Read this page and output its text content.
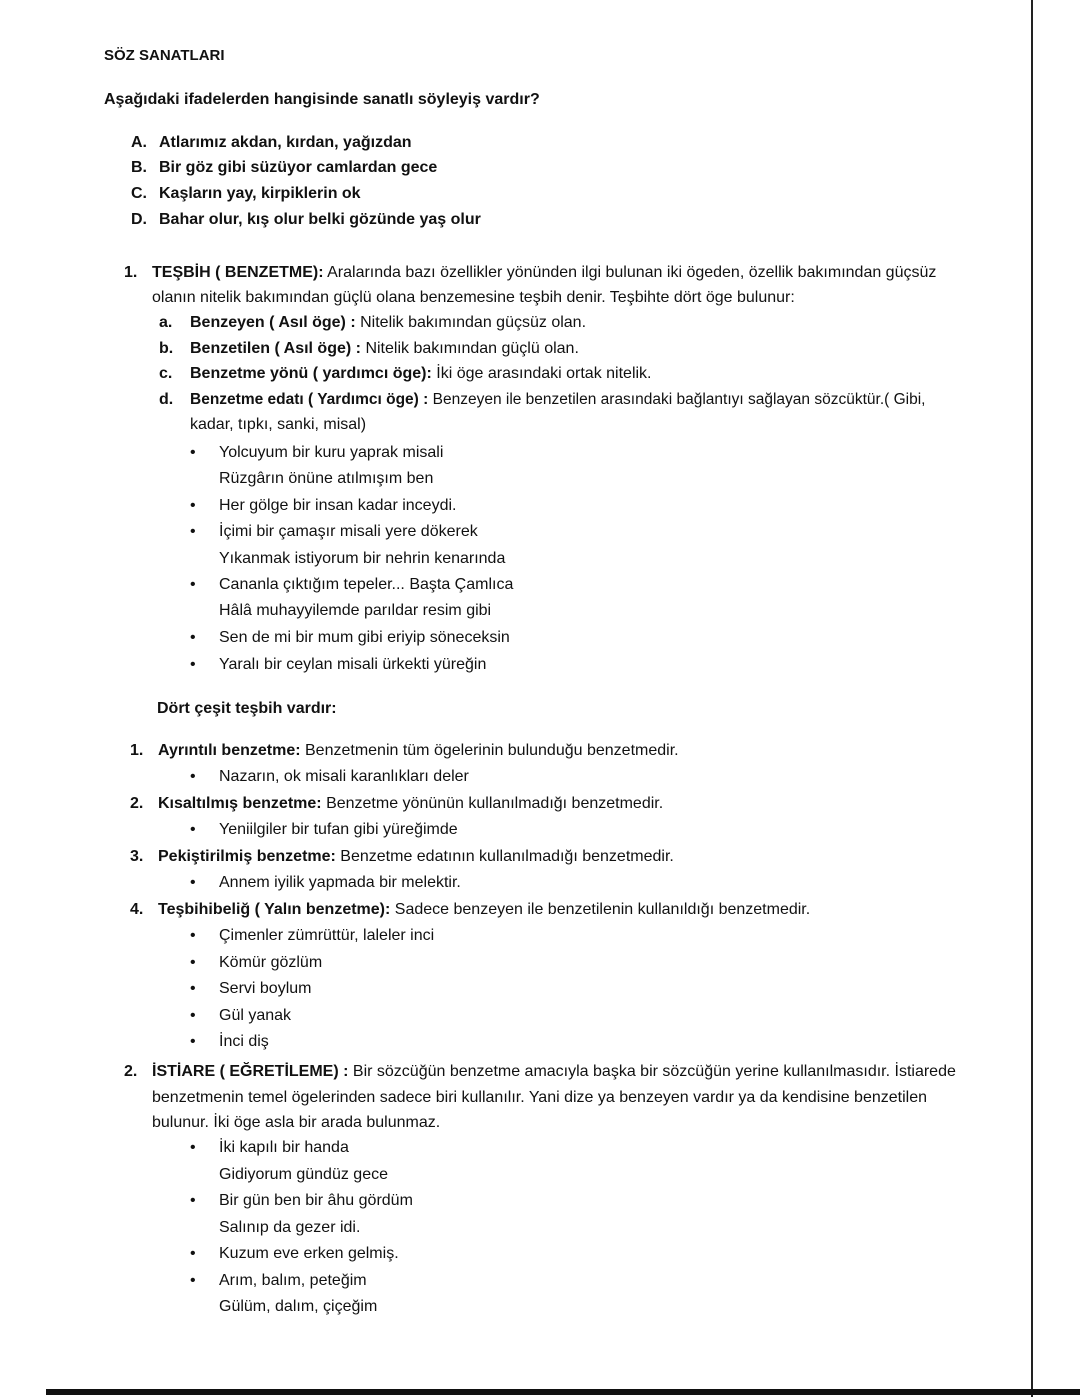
SÖZ SANATLARI
Aşağıdaki ifadelerden hangisinde sanatlı söyleyiş vardır?
A. Atlarımız akdan, kırdan, yağızdan
B. Bir göz gibi süzüyor camlardan gece
C. Kaşların yay, kirpiklerin ok
D. Bahar olur, kış olur belki gözünde yaş olur
1. TEŞBİH ( BENZETME): Aralarında bazı özellikler yönünden ilgi bulunan iki ögeden, özellik bakımından güçsüz
olanın nitelik bakımından güçlü olana benzemesine teşbih denir. Teşbihte dört öge bulunur:
a. Benzeyen ( Asıl öge) : Nitelik bakımından güçsüz olan.
b. Benzetilen ( Asıl öge) : Nitelik bakımından güçlü olan.
c. Benzetme yönü ( yardımcı öge): İki öge arasındaki ortak nitelik.
d. Benzetme edatı ( Yardımcı öge) : Benzeyen ile benzetilen arasındaki bağlantıyı sağlayan sözcüktür.( Gibi,
kadar, tıpkı, sanki, misal)
• Yolcuyum bir kuru yaprak misali
Rüzgârın önüne atılmışım ben
• Her gölge bir insan kadar inceydi.
• İçimi bir çamaşır misali yere dökerek
Yıkanmak istiyorum bir nehrin kenarında
• Cananla çıktığım tepeler... Başta Çamlıca
Hâlâ muhayyilemde parıldar resim gibi
• Sen de mi bir mum gibi eriyip söneceksin
• Yaralı bir ceylan misali ürkekti yüreğin
Dört çeşit teşbih vardır:
1. Ayrıntılı benzetme: Benzetmenin tüm ögelerinin bulunduğu benzetmedir.
• Nazarın, ok misali karanlıkları deler
2. Kısaltılmış benzetme: Benzetme yönünün kullanılmadığı benzetmedir.
• Yeniilgiler bir tufan gibi yüreğimde
3. Pekiştirilmiş benzetme: Benzetme edatının kullanılmadığı benzetmedir.
• Annem iyilik yapmada bir melektir.
4. Teşbihibeliğ ( Yalın benzetme): Sadece benzeyen ile benzetilenin kullanıldığı benzetmedir.
• Çimenler zümrüttür, laleler inci
• Kömür gözlüm
• Servi boylum
• Gül yanak
• İnci diş
2. İSTİARE ( EĞRETİLEME) : Bir sözcüğün benzetme amacıyla başka bir sözcüğün yerine kullanılmasıdır. İstiarede
benzetmenin temel ögelerinden sadece biri kullanılır. Yani dize ya benzeyen vardır ya da kendisine benzetilen
bulunur. İki öge asla bir arada bulunmaz.
• İki kapılı bir handa
Gidiyorum gündüz gece
• Bir gün ben bir âhu gördüm
Salınıp da gezer idi.
• Kuzum eve erken gelmiş.
• Arım, balım, peteğim
Gülüm, dalım, çiçeğim
